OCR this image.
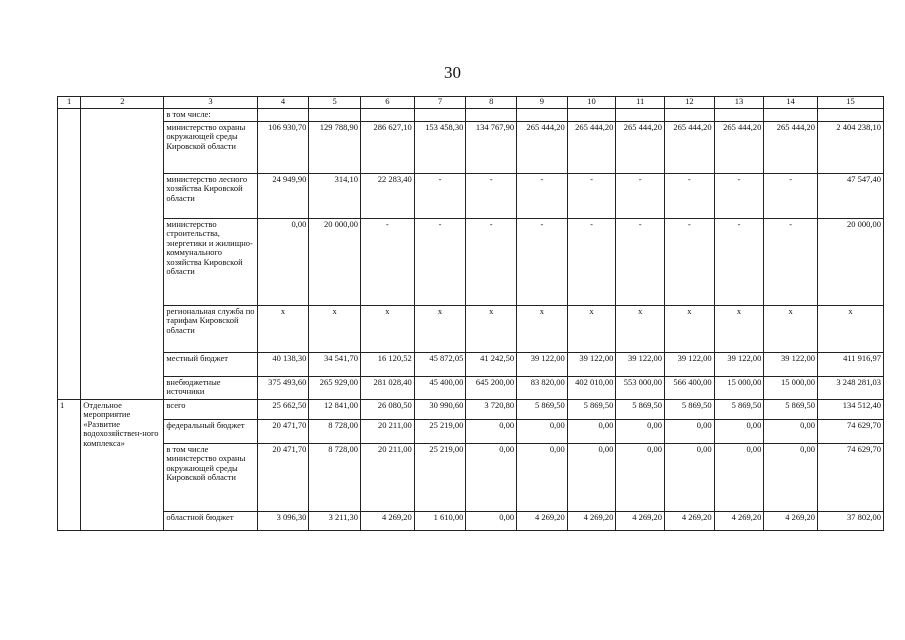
30
1	2	3	4	5	6	7	8	9	10	11	12	13	14	15
		в том числе:												
		министерство охраны окружающей среды Кировской области	106 930,70	129 788,90	286 627,10	153 458,30	134 767,90	265 444,20	265 444,20	265 444,20	265 444,20	265 444,20	265 444,20	2 404 238,10
		министерство лесного хозяйства Кировской области	24 949,90	314,10	22 283,40	-	-	-	-	-	-	-	-	47 547,40
		министерство строительства, энергетики и жилищно-коммунального хозяйства Кировской области	0,00	20 000,00	-	-	-	-	-	-	-	-	-	20 000,00
		региональная служба по тарифам Кировской области	х	х	х	х	х	х	х	х	х	х	х	х
		местный бюджет	40 138,30	34 541,70	16 120,52	45 872,05	41 242,50	39 122,00	39 122,00	39 122,00	39 122,00	39 122,00	39 122,00	411 916,97
		внебюджетные источники	375 493,60	265 929,00	281 028,40	45 400,00	645 200,00	83 820,00	402 010,00	553 000,00	566 400,00	15 000,00	15 000,00	3 248 281,03
1	Отдельное мероприятие «Развитие водохозяйствен-ного комплекса»	всего	25 662,50	12 841,00	26 080,50	30 990,60	3 720,80	5 869,50	5 869,50	5 869,50	5 869,50	5 869,50	5 869,50	134 512,40
		федеральный бюджет	20 471,70	8 728,00	20 211,00	25 219,00	0,00	0,00	0,00	0,00	0,00	0,00	0,00	74 629,70
		в том числе министерство охраны окружающей среды Кировской области	20 471,70	8 728,00	20 211,00	25 219,00	0,00	0,00	0,00	0,00	0,00	0,00	0,00	74 629,70
		областной бюджет	3 096,30	3 211,30	4 269,20	1 610,00	0,00	4 269,20	4 269,20	4 269,20	4 269,20	4 269,20	4 269,20	37 802,00
